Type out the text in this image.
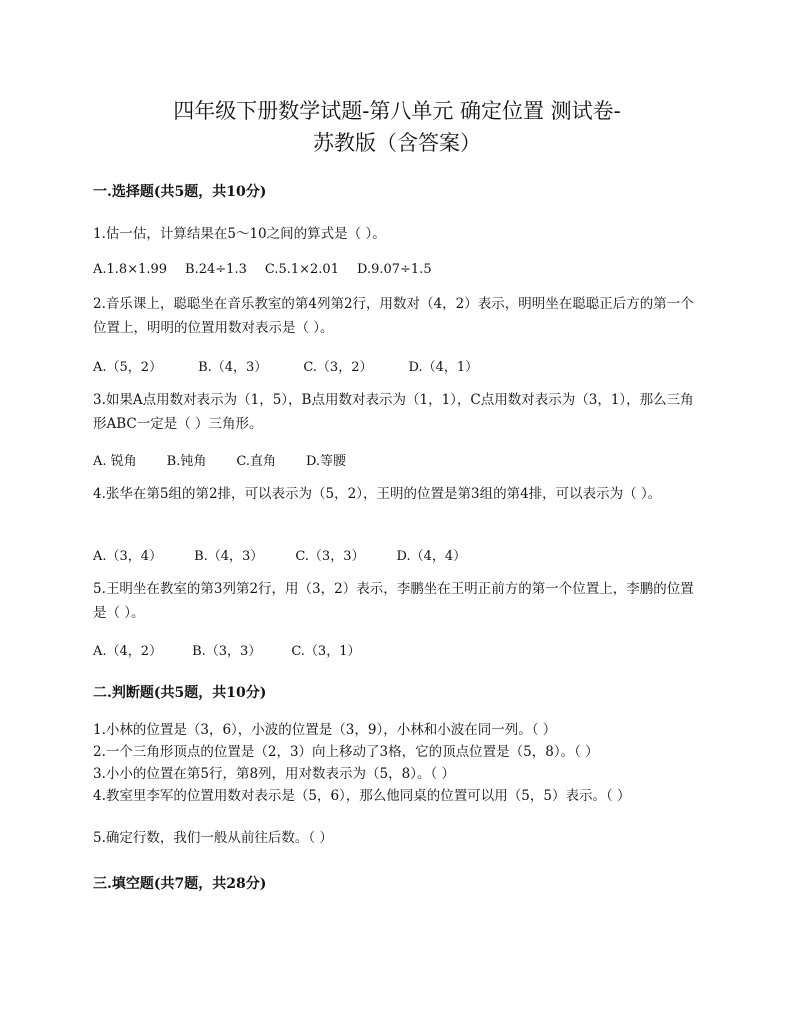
四年级下册数学试题-第八单元 确定位置 测试卷-
苏教版（含答案）
一.选择题(共5题，共10分)
1.估一估，计算结果在5～10之间的算式是（ ）。
A.1.8×1.99 B.24÷1.3 C.5.1×2.01 D.9.07÷1.5
2.音乐课上，聪聪坐在音乐教室的第4列第2行，用数对（4，2）表示，明明坐在聪聪正后方的第一个位置上，明明的位置用数对表示是（ ）。
A.（5，2）	B.（4，3）	C.（3，2）	D.（4，1）
3.如果A点用数对表示为（1，5），B点用数对表示为（1，1），C点用数对表示为（3，1），那么三角形ABC一定是（ ）三角形。
A. 锐角 B.钝角 C.直角 D.等腰
4.张华在第5组的第2排，可以表示为（5，2），王明的位置是第3组的第4排，可以表示为（ ）。
A.（3，4） B.（4，3） C.（3，3） D.（4，4）
5.王明坐在教室的第3列第2行，用（3，2）表示，李鹏坐在王明正前方的第一个位置上，李鹏的位置是（ ）。
A.（4，2） B.（3，3） C.（3，1）
二.判断题(共5题，共10分)
1.小林的位置是（3，6），小波的位置是（3，9），小林和小波在同一列。（ ）
2.一个三角形顶点的位置是（2，3）向上移动了3格，它的顶点位置是（5，8）。（ ）
3.小小的位置在第5行，第8列，用对数表示为（5，8）。（ ）
4.教室里李军的位置用数对表示是（5，6），那么他同桌的位置可以用（5，5）表示。（ ）
5.确定行数，我们一般从前往后数。（ ）
三.填空题(共7题，共28分)
